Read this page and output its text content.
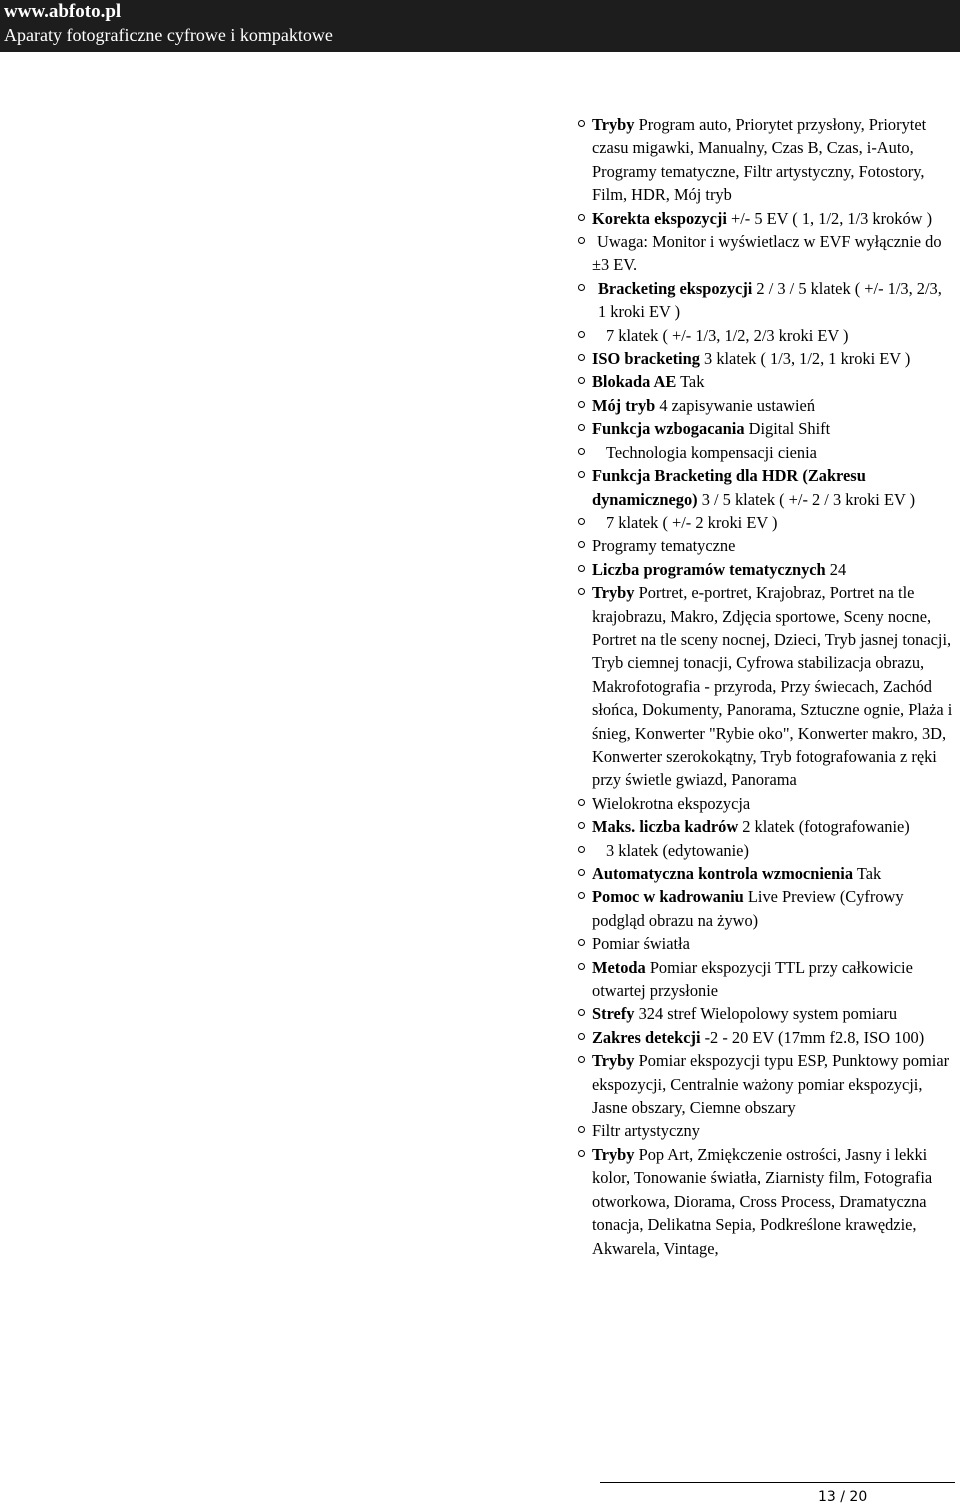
www.abfoto.pl
Aparaty fotograficzne cyfrowe i kompaktowe
Tryby Program auto, Priorytet przysłony, Priorytet czasu migawki, Manualny, Czas B, Czas, i-Auto, Programy tematyczne, Filtr artystyczny, Fotostory, Film, HDR, Mój tryb
Korekta ekspozycji +/- 5 EV ( 1, 1/2, 1/3 kroków )
Uwaga: Monitor i wyświetlacz w EVF wyłącznie do ±3 EV.
Bracketing ekspozycji 2 / 3 / 5 klatek ( +/- 1/3, 2/3, 1 kroki EV )
7 klatek ( +/- 1/3, 1/2, 2/3 kroki EV )
ISO bracketing 3 klatek ( 1/3, 1/2, 1 kroki EV )
Blokada AE Tak
Mój tryb 4 zapisywanie ustawień
Funkcja wzbogacania Digital Shift
Technologia kompensacji cienia
Funkcja Bracketing dla HDR (Zakresu dynamicznego) 3 / 5 klatek ( +/- 2 / 3 kroki EV )
7 klatek ( +/- 2 kroki EV )
Programy tematyczne
Liczba programów tematycznych 24
Tryby Portret, e-portret, Krajobraz, Portret na tle krajobrazu, Makro, Zdjęcia sportowe, Sceny nocne, Portret na tle sceny nocnej, Dzieci, Tryb jasnej tonacji, Tryb ciemnej tonacji, Cyfrowa stabilizacja obrazu, Makrofotografia - przyroda, Przy świecach, Zachód słońca, Dokumenty, Panorama, Sztuczne ognie, Plaża i śnieg, Konwerter "Rybie oko", Konwerter makro, 3D, Konwerter szerokokątny, Tryb fotografowania z ręki przy świetle gwiazd, Panorama
Wielokrotna ekspozycja
Maks. liczba kadrów 2 klatek (fotografowanie)
3 klatek (edytowanie)
Automatyczna kontrola wzmocnienia Tak
Pomoc w kadrowaniu Live Preview (Cyfrowy podgląd obrazu na żywo)
Pomiar światła
Metoda Pomiar ekspozycji TTL przy całkowicie otwartej przysłonie
Strefy 324 stref Wielopolowy system pomiaru
Zakres detekcji -2 - 20 EV (17mm f2.8, ISO 100)
Tryby Pomiar ekspozycji typu ESP, Punktowy pomiar ekspozycji, Centralnie ważony pomiar ekspozycji, Jasne obszary, Ciemne obszary
Filtr artystyczny
Tryby Pop Art, Zmiękczenie ostrości, Jasny i lekki kolor, Tonowanie światła, Ziarnisty film, Fotografia otworkowa, Diorama, Cross Process, Dramatyczna tonacja, Delikatna Sepia, Podkreślone krawędzie, Akwarela, Vintage,
13 / 20
